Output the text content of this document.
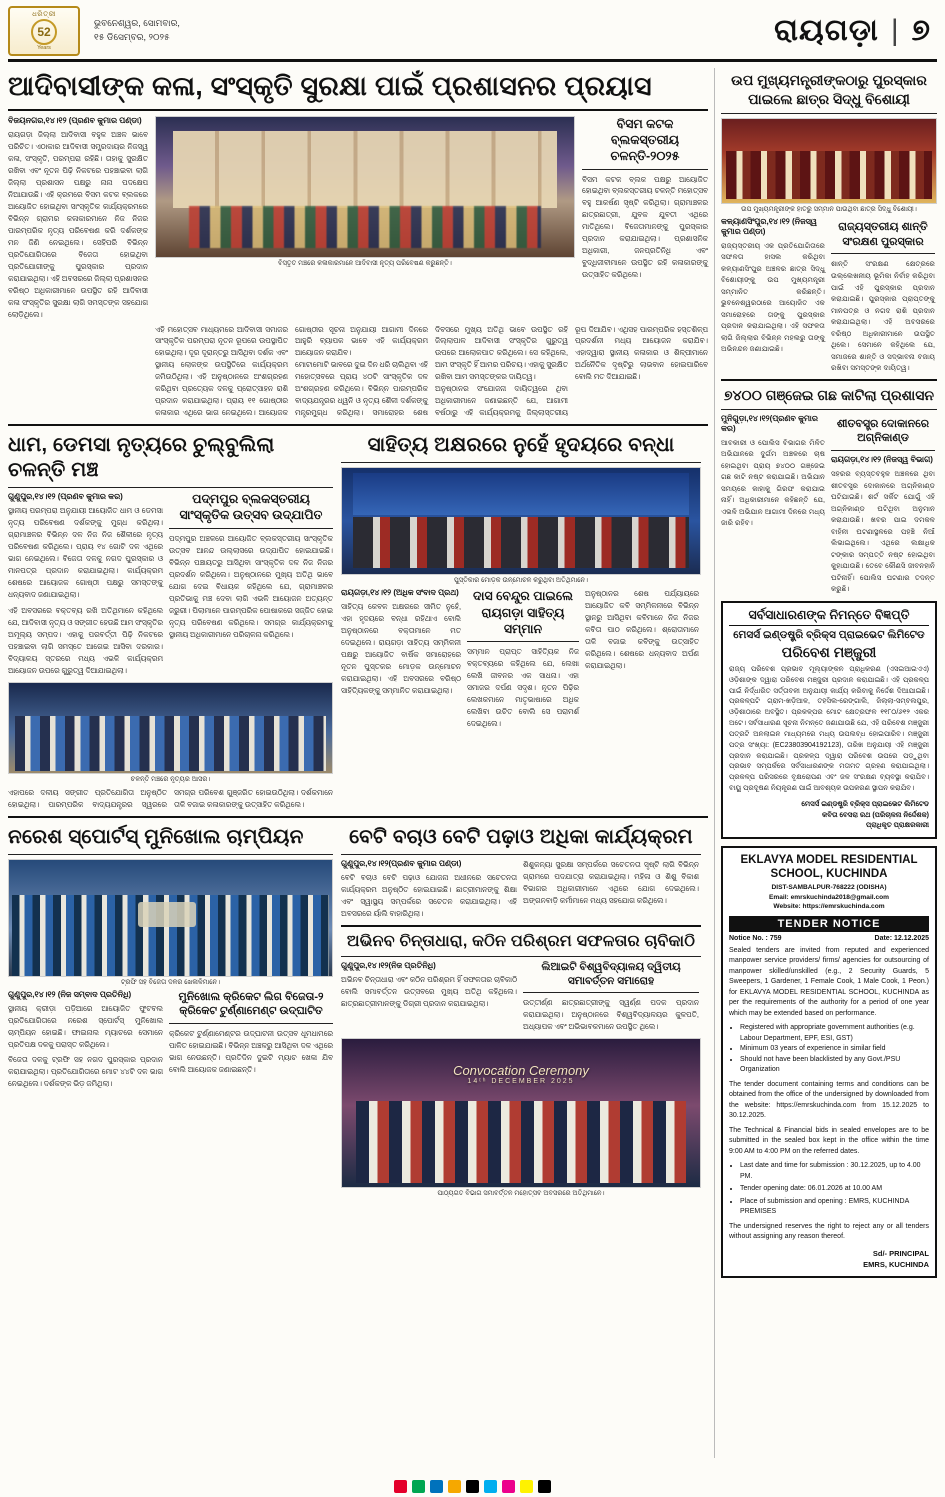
ଧରିତ୍ରୀ
52
Years
ଭୁବନେଶ୍ୱର, ସୋମବାର,
୧୫ ଡିସେମ୍ବର, ୨୦୨୫	ରାୟଗଡ଼ା | ୭
ଆଦିବାସୀଙ୍କ କଳା, ସଂସ୍କୃତି ସୁରକ୍ଷା ପାଇଁ ପ୍ରଶାସନର ପ୍ରୟାସ
ବିଜୟନଗର,୧୪।୧୨ (ପ୍ରଣବ କୁମାର ପଣ୍ଡା)
ରାୟଗଡ଼ା ଜିଲ୍ଲା ଆଦିବାସୀ ବହୁଳ ଅଞ୍ଚଳ ଭାବେ ପରିଚିତ। ଏଠାକାର ଆଦିବାସୀ ସମ୍ପ୍ରଦାୟର ନିଜସ୍ୱ କଳା, ସଂସ୍କୃତି, ପରମ୍ପରା ରହିଛି। ତାହାକୁ ସୁରକ୍ଷିତ ରଖିବା ଏବଂ ନୂତନ ପିଢ଼ି ନିକଟରେ ପହଞ୍ଚାଇବା ଲାଗି ଜିଲ୍ଲା ପ୍ରଶାସନ ପକ୍ଷରୁ ନାନା ପଦକ୍ଷେପ ନିଆଯାଉଛି। ଏହି କ୍ରମରେ ବିସମ କଟକ ବ୍ଲକରେ ଆୟୋଜିତ ହୋଇଥିବା ସାଂସ୍କୃତିକ କାର୍ଯ୍ୟକ୍ରମରେ ବିଭିନ୍ନ ଗ୍ରାମର କଳାକାରମାନେ ନିଜ ନିଜର ପାରମ୍ପରିକ ନୃତ୍ୟ ପରିବେଷଣ କରି ଦର୍ଶକଙ୍କ ମନ ଜିଣି ନେଇଥିଲେ। ସେହିପରି ବିଭିନ୍ନ ପ୍ରତିଯୋଗିତାରେ ବିଜେତା ହୋଇଥିବା ପ୍ରତିଯୋଗୀଙ୍କୁ ପୁରସ୍କାର ପ୍ରଦାନ କରାଯାଇଥିଲା। ଏହି ଅବସରରେ ଜିଲ୍ଲା ପ୍ରଶାସନର ବରିଷ୍ଠ ଅଧିକାରୀମାନେ ଉପସ୍ଥିତ ରହି ଆଦିବାସୀ କଳା ସଂସ୍କୃତିର ସୁରକ୍ଷା ଲାଗି ସମସ୍ତଙ୍କ ସହଯୋଗ ଲୋଡ଼ିଥିଲେ।
ବିସ୍ତୃତ ମଞ୍ଚରେ କଳାକାରମାନେ ଆଦିବାସୀ ନୃତ୍ୟ ପରିବେଷଣ କରୁଛନ୍ତି।
ବିସମ କଟକ ବ୍ଲକସ୍ତରୀୟ ଚଳନ୍ତି-୨୦୨୫
ବିସମ କଟକ ବ୍ଲକ ପକ୍ଷରୁ ଆୟୋଜିତ ହୋଇଥିବା ବ୍ଲକସ୍ତରୀୟ ଚଳନ୍ତି ମହୋତ୍ସବ ବହୁ ଆକର୍ଷଣ ସୃଷ୍ଟି କରିଥିଲା। ଗ୍ରାମାଞ୍ଚଳର ଛାତ୍ରଛାତ୍ରୀ, ଯୁବକ ଯୁବତୀ ଏଥିରେ ମାତିଥିଲେ। ବିଜେତାମାନଙ୍କୁ ପୁରସ୍କାର ପ୍ରଦାନ କରାଯାଇଥିଲା। ପ୍ରଶାସନିକ ଅଧିକାରୀ, ଜନପ୍ରତିନିଧି ଏବଂ ବୁଦ୍ଧିଜୀବୀମାନେ ଉପସ୍ଥିତ ରହି କଳାକାରଙ୍କୁ ଉତ୍ସାହିତ କରିଥିଲେ।
ଏହି ମହୋତ୍ସବ ମାଧ୍ୟମରେ ଆଦିବାସୀ ସମାଜର ସାଂସ୍କୃତିକ ପରମ୍ପରା ନୂତନ ରୂପରେ ଉପସ୍ଥାପିତ ହୋଇଥିଲା। ଦୂର ଦୂରାନ୍ତରୁ ଆସିଥିବା ଦର୍ଶକ ଏବଂ ସ୍ଥାନୀୟ ଲୋକଙ୍କ ଉପସ୍ଥିତିରେ କାର୍ଯ୍ୟକ୍ରମ ଜମିଉଠିଥିଲା। ଏହି ଅନୁଷ୍ଠାନରେ ଅଂଶଗ୍ରହଣ କରିଥିବା ପ୍ରତ୍ୟେକ ଦଳକୁ ପ୍ରୋତ୍ସାହନ ରାଶି ପ୍ରଦାନ କରାଯାଇଥିଲା। ପ୍ରାୟ ୧୧ ଗୋଷ୍ଠୀର କଳାକାର ଏଥିରେ ଭାଗ ନେଇଥିଲେ। ଆୟୋଜକ ଗୋଷ୍ଠୀର ସୂଚନା ଅନୁଯାୟୀ ଆଗାମୀ ଦିନରେ ଆହୁରି ବ୍ୟାପକ ଭାବେ ଏହି କାର୍ଯ୍ୟକ୍ରମ ଆୟୋଜନ କରାଯିବ।
ମୋଟାମୋଟି ଭାବରେ ଦୁଇ ଦିନ ଧରି ଚାଲିଥିବା ଏହି ମହୋତ୍ସବରେ ପ୍ରାୟ ୪୦ଟି ସାଂସ୍କୃତିକ ଦଳ ଅଂଶଗ୍ରହଣ କରିଥିଲେ। ବିଭିନ୍ନ ପାରମ୍ପରିକ ବାଦ୍ୟଯନ୍ତ୍ରର ଧ୍ୱନି ଓ ନୃତ୍ୟ ଶୈଳୀ ଦର୍ଶକଙ୍କୁ ମନ୍ତ୍ରମୁଗ୍ଧ କରିଥିଲା। ସମାରୋହର ଶେଷ ଦିବସରେ ମୁଖ୍ୟ ଅତିଥି ଭାବେ ଉପସ୍ଥିତ ରହି ଜିଲ୍ଲାପାଳ ଆଦିବାସୀ ସଂସ୍କୃତିର ଗୁରୁତ୍ୱ ଉପରେ ଆଲୋକପାତ କରିଥିଲେ। ସେ କହିଥିଲେ, ଆମ ସଂସ୍କୃତି ହିଁ ଆମର ପରିଚୟ। ଏହାକୁ ସୁରକ୍ଷିତ ରଖିବା ଆମ ସମସ୍ତଙ୍କର ଦାୟିତ୍ୱ।
ଅନୁଷ୍ଠାନର ସଂଯୋଜନା ଦାୟିତ୍ୱରେ ଥିବା ଅଧିକାରୀମାନେ ଜଣାଇଛନ୍ତି ଯେ, ଆଗାମୀ ବର୍ଷଠାରୁ ଏହି କାର୍ଯ୍ୟକ୍ରମକୁ ଜିଲ୍ଲାସ୍ତରୀୟ ରୂପ ଦିଆଯିବ। ଏଥିସହ ପାରମ୍ପରିକ ହସ୍ତଶିଳ୍ପ ପ୍ରଦର୍ଶନୀ ମଧ୍ୟ ଆୟୋଜନ କରାଯିବ। ଏହାଦ୍ୱାରା ସ୍ଥାନୀୟ କଳାକାର ଓ ଶିଳ୍ପୀମାନେ ଅର୍ଥନୈତିକ ଦୃଷ୍ଟିରୁ ଲାଭବାନ ହୋଇପାରିବେ ବୋଲି ମତ ଦିଆଯାଇଛି।
ଧାମ, ଡେମସା ନୃତ୍ୟରେ ଚୁଲ୍‌ବୁଲିଲା ଚଳନ୍ତି ମଞ୍ଚ
ଗୁଣୁପୁର,୧୪।୧୨ (ପ୍ରଣବ କୁମାର କର)
ସ୍ଥାନୀୟ ପରମ୍ପରା ଅନୁଯାୟୀ ଆୟୋଜିତ ଧାମ ଓ ଡେମସା ନୃତ୍ୟ ପରିବେଷଣ ଦର୍ଶକଙ୍କୁ ମୁଗ୍ଧ କରିଥିଲା। ଗ୍ରାମାଞ୍ଚଳର ବିଭିନ୍ନ ଦଳ ନିଜ ନିଜ ଶୈଳୀରେ ନୃତ୍ୟ ପରିବେଷଣ କରିଥିଲେ। ପ୍ରାୟ ୧୪ ଗୋଟି ଦଳ ଏଥିରେ ଭାଗ ନେଇଥିଲେ। ବିଜେତା ଦଳକୁ ନଗଦ ପୁରସ୍କାର ଓ ମାନପତ୍ର ପ୍ରଦାନ କରାଯାଇଥିଲା। କାର୍ଯ୍ୟକ୍ରମ ଶେଷରେ ଆୟୋଜକ ଗୋଷ୍ଠୀ ପକ୍ଷରୁ ସମସ୍ତଙ୍କୁ ଧନ୍ୟବାଦ ଜଣାଯାଇଥିଲା।
ଏହି ଅବସରରେ ବକ୍ତବ୍ୟ ରଖି ଅତିଥିମାନେ କହିଥିଲେ ଯେ, ଆଦିବାସୀ ନୃତ୍ୟ ଓ ସଙ୍ଗୀତ ହେଉଛି ଆମ ସଂସ୍କୃତିର ଅମୂଲ୍ୟ ସମ୍ପଦ। ଏହାକୁ ପରବର୍ତ୍ତୀ ପିଢ଼ି ନିକଟରେ ପହଞ୍ଚାଇବା ଲାଗି ସମସ୍ତେ ଆଗେଇ ଆସିବା ଦରକାର। ବିଦ୍ୟାଳୟ ସ୍ତରରେ ମଧ୍ୟ ଏଭଳି କାର୍ଯ୍ୟକ୍ରମ ଆୟୋଜନ ଉପରେ ଗୁରୁତ୍ୱ ଦିଆଯାଇଥିଲା।
ପଦ୍ମପୁର ବ୍ଲକସ୍ତରୀୟ ସାଂସ୍କୃତିକ ଉତ୍ସବ ଉଦ୍‌ଯାପିତ
ପଦ୍ମପୁର ଅଞ୍ଚଳରେ ଆୟୋଜିତ ବ୍ଲକସ୍ତରୀୟ ସାଂସ୍କୃତିକ ଉତ୍ସବ ଆନନ୍ଦ ଉଲ୍ଲାସରେ ଉଦ୍‌ଯାପିତ ହୋଇଯାଇଛି। ବିଭିନ୍ନ ପଞ୍ଚାୟତରୁ ଆସିଥିବା ସାଂସ୍କୃତିକ ଦଳ ନିଜ ନିଜର ପ୍ରଦର୍ଶନ କରିଥିଲେ। ଅନୁଷ୍ଠାନରେ ମୁଖ୍ୟ ଅତିଥି ଭାବେ ଯୋଗ ଦେଇ ବିଧାୟକ କହିଥିଲେ ଯେ, ଗ୍ରାମାଞ୍ଚଳର ପ୍ରତିଭାକୁ ମଞ୍ଚ ଦେବା ଲାଗି ଏଭଳି ଆୟୋଜନ ଅତ୍ୟନ୍ତ ଜରୁରୀ। ପିଲାମାନେ ପାରମ୍ପରିକ ପୋଷାକରେ ସଜ୍ଜିତ ହୋଇ ନୃତ୍ୟ ପରିବେଷଣ କରିଥିଲେ। ସମଗ୍ର କାର୍ଯ୍ୟକ୍ରମକୁ ସ୍ଥାନୀୟ ଅଧିକାରୀମାନେ ପରିଚାଳନା କରିଥିଲେ।
ଚଳନ୍ତି ମଞ୍ଚରେ ନୃତ୍ୟର ଆସର।
ଏହାପରେ ଦଳୀୟ ସଙ୍ଗୀତ ପ୍ରତିଯୋଗିତା ଅନୁଷ୍ଠିତ ହୋଇଥିଲା। ପାରମ୍ପରିକ ବାଦ୍ୟଯନ୍ତ୍ରର ସ୍ୱରରେ ସମଗ୍ର ପରିବେଶ ଗୁଞ୍ଜରିତ ହୋଇଉଠିଥିଲା। ଦର୍ଶକମାନେ ତାଳି ବଜାଇ କଳାକାରଙ୍କୁ ଉତ୍ସାହିତ କରିଥିଲେ।
ସାହିତ୍ୟ ଅକ୍ଷରରେ ନୁହେଁ ହୃଦୟରେ ବନ୍ଧା
ପୁସ୍ତିକାର ମୋଡ଼କ ଉନ୍ମୋଚନ କରୁଥିବା ଅତିଥିମାନେ।
ରାୟଗଡ଼ା,୧୪।୧୨ (ଅଧିକ ସଂବାଦ ପ୍ରଥ)
ସାହିତ୍ୟ କେବଳ ଅକ୍ଷରରେ ସୀମିତ ନୁହେଁ, ଏହା ହୃଦୟରେ ବନ୍ଧା ରହିଥାଏ ବୋଲି ଅନୁଷ୍ଠାନରେ ବକ୍ତାମାନେ ମତ ଦେଇଥିଲେ। ରାୟଗଡ଼ା ସାହିତ୍ୟ ସମ୍ମିଳନୀ ପକ୍ଷରୁ ଆୟୋଜିତ ବାର୍ଷିକ ସମାରୋହରେ ନୂତନ ପୁସ୍ତକର ମୋଡ଼କ ଉନ୍ମୋଚନ କରାଯାଇଥିଲା। ଏହି ଅବସରରେ ବରିଷ୍ଠ ସାହିତ୍ୟିକଙ୍କୁ ସମ୍ମାନିତ କରାଯାଇଥିଲା।
ଦାସ ବେନ୍ଦୁର ପାଇଲେ ରାୟଗଡ଼ା ସାହିତ୍ୟ ସମ୍ମାନ
ସମ୍ମାନ ପ୍ରାପ୍ତ ସାହିତ୍ୟିକ ନିଜ ବକ୍ତବ୍ୟରେ କହିଥିଲେ ଯେ, ଲେଖା ଲେଖି ଜୀବନର ଏକ ସାଧନା। ଏହା ସମାଜର ଦର୍ପଣ ସଦୃଶ। ନୂତନ ପିଢ଼ିର ଲେଖକମାନେ ମାତୃଭାଷାରେ ଅଧିକ ଲେଖିବା ଉଚିତ ବୋଲି ସେ ପରାମର୍ଶ ଦେଇଥିଲେ।
ଅନୁଷ୍ଠାନର ଶେଷ ପର୍ଯ୍ୟାୟରେ ଆୟୋଜିତ କବି ସମ୍ମିଳନୀରେ ବିଭିନ୍ନ ସ୍ଥାନରୁ ଆସିଥିବା କବିମାନେ ନିଜ ନିଜର କବିତା ପାଠ କରିଥିଲେ। ଶ୍ରୋତାମାନେ ତାଳି ବଜାଇ କବିଙ୍କୁ ଉତ୍ସାହିତ କରିଥିଲେ। ଶେଷରେ ଧନ୍ୟବାଦ ଅର୍ପଣ କରାଯାଇଥିଲା।
ନରେଶ ସ୍ପୋର୍ଟସ୍‌ ମୁନିଖୋଲ ଚାମ୍ପିୟନ
ଟ୍ରଫି ସହ ବିଜେତା ଦଳର ଖେଳାଳିମାନେ।
ଗୁଣୁପୁର,୧୪।୧୨ (ନିଜ ସମ୍ବାଦ ପ୍ରତିନିଧି)
ସ୍ଥାନୀୟ କ୍ରୀଡ଼ା ପଡ଼ିଆରେ ଆୟୋଜିତ ଫୁଟବଲ ପ୍ରତିଯୋଗିତାରେ ନରେଶ ସ୍ପୋର୍ଟସ୍‌ ମୁନିଖୋଲ ଚାମ୍ପିୟନ ହୋଇଛି। ଫାଇନାଲ ମ୍ୟାଚରେ ସେମାନେ ପ୍ରତିପକ୍ଷ ଦଳକୁ ପରାସ୍ତ କରିଥିଲେ।
ବିଜେତା ଦଳକୁ ଟ୍ରଫି ସହ ନଗଦ ପୁରସ୍କାର ପ୍ରଦାନ କରାଯାଇଥିଲା। ପ୍ରତିଯୋଗିତାରେ ମୋଟ ୪୪ଟି ଦଳ ଭାଗ ନେଇଥିଲେ। ଦର୍ଶକଙ୍କ ଭିଡ଼ ଜମିଥିଲା।
ମୁନିଖୋଲ କ୍ରିକେଟ ଲିଗ ବିଜେତା-୨ କ୍ରିକେଟ ଟୁର୍ଣ୍ଣାମେଣ୍ଟ ଉଦ୍‌ଘାଟିତ
କ୍ରିକେଟ ଟୁର୍ଣ୍ଣାମେଣ୍ଟର ଉଦ୍‌ଘାଟନୀ ଉତ୍ସବ ଧୂମଧାମରେ ପାଳିତ ହୋଇଯାଇଛି। ବିଭିନ୍ନ ଅଞ୍ଚଳରୁ ଆସିଥିବା ଦଳ ଏଥିରେ ଭାଗ ନେଉଛନ୍ତି। ପ୍ରତିଦିନ ଦୁଇଟି ମ୍ୟାଚ ଖେଳା ଯିବ ବୋଲି ଆୟୋଜକ ଜଣାଇଛନ୍ତି।
ବେଟି ବଚାଓ ବେଟି ପଢ଼ାଓ ଅଧିକା କାର୍ଯ୍ୟକ୍ରମ
ଗୁଣୁପୁର,୧୪।୧୨(ପ୍ରଣବ କୁମାର ପଣ୍ଡା)
ବେଟି ବଚାଓ ବେଟି ପଢ଼ାଓ ଯୋଜନା ଅଧୀନରେ ସଚେତନତା କାର୍ଯ୍ୟକ୍ରମ ଅନୁଷ୍ଠିତ ହୋଇଯାଇଛି। ଛାତ୍ରୀମାନଙ୍କୁ ଶିକ୍ଷା ଏବଂ ସ୍ୱାସ୍ଥ୍ୟ ସମ୍ପର୍କରେ ସଚେତନ କରାଯାଇଥିଲା। ଏହି ଅବସରରେ ର୍ୟାଲି ବାହାରିଥିଲା।
ଶିଶୁକନ୍ୟା ସୁରକ୍ଷା ସମ୍ପର୍କରେ ସଚେତନତା ସୃଷ୍ଟି ଲାଗି ବିଭିନ୍ନ ଗ୍ରାମରେ ପଦଯାତ୍ରା କରାଯାଇଥିଲା। ମହିଳା ଓ ଶିଶୁ ବିକାଶ ବିଭାଗର ଅଧିକାରୀମାନେ ଏଥିରେ ଯୋଗ ଦେଇଥିଲେ। ଅଙ୍ଗନବାଡ଼ି କର୍ମୀମାନେ ମଧ୍ୟ ସହଯୋଗ କରିଥିଲେ।
ଅଭିନବ ଚିନ୍ତାଧାରା, କଠିନ ପରିଶ୍ରମ ସଫଳତାର ଚାବିକାଠି
ଗୁଣୁପୁର,୧୪।୧୨(ନିଜ ପ୍ରତିନିଧି)
ଅଭିନବ ଚିନ୍ତାଧାରା ଏବଂ କଠିନ ପରିଶ୍ରମ ହିଁ ସଫଳତାର ଚାବିକାଠି ବୋଲି ସମାବର୍ତ୍ତନ ଉତ୍ସବରେ ମୁଖ୍ୟ ଅତିଥି କହିଥିଲେ। ଛାତ୍ରଛାତ୍ରୀମାନଙ୍କୁ ଡିଗ୍ରୀ ପ୍ରଦାନ କରାଯାଇଥିଲା।
ଲିଆଇଟି ବିଶ୍ୱବିଦ୍ୟାଳୟ ଦ୍ୱିତୀୟ ସମାବର୍ତ୍ତନ ସମାରୋହ
ଉତ୍ତୀର୍ଣ୍ଣ ଛାତ୍ରଛାତ୍ରୀଙ୍କୁ ସ୍ୱର୍ଣ୍ଣ ପଦକ ପ୍ରଦାନ କରାଯାଇଥିଲା। ଅନୁଷ୍ଠାନରେ ବିଶ୍ୱବିଦ୍ୟାଳୟର କୁଳପତି, ଅଧ୍ୟାପକ ଏବଂ ଅଭିଭାବକମାନେ ଉପସ୍ଥିତ ଥିଲେ।
Convocation Ceremony
14ᵗʰ DECEMBER 2025
ପାଠ୍ୟଗତ ବିଭାଗ ସମାବର୍ତ୍ତନ ମହୋତ୍ସବ ଅବସରରେ ଅତିଥିମାନେ।
ଉପ ମୁଖ୍ୟମନ୍ତ୍ରୀଙ୍କଠାରୁ ପୁରସ୍କାର ପାଇଲେ ଛାତ୍ର ସିଦ୍ଧୁ ବିଶୋୟୀ
ଉପ ମୁଖ୍ୟମନ୍ତ୍ରୀଙ୍କ ହାତରୁ ସମ୍ମାନ ପାଉଥିବା ଛାତ୍ର ସିଦ୍ଧୁ ବିଶୋୟୀ।
କଳ୍ୟାଣସିଂପୁର,୧୪।୧୨ (ନିଜସ୍ୱ କୁମାର ପଣ୍ଡା)
ରାଜ୍ୟସ୍ତରୀୟ ଏକ ପ୍ରତିଯୋଗିତାରେ ସଫଳତା ହାସଲ କରିଥିବା କଳ୍ୟାଣସିଂପୁର ଅଞ୍ଚଳର ଛାତ୍ର ସିଦ୍ଧୁ ବିଶୋୟୀଙ୍କୁ ଉପ ମୁଖ୍ୟମନ୍ତ୍ରୀ ସମ୍ମାନିତ କରିଛନ୍ତି। ଭୁବନେଶ୍ୱରଠାରେ ଆୟୋଜିତ ଏକ ସମାରୋହରେ ତାଙ୍କୁ ପୁରସ୍କାର ପ୍ରଦାନ କରାଯାଇଥିଲା। ଏହି ସଫଳତା ଲାଗି ଜିଲ୍ଲାର ବିଭିନ୍ନ ମହଲରୁ ତାଙ୍କୁ ଅଭିନନ୍ଦନ ଜଣାଯାଇଛି।
ରାଜ୍ୟସ୍ତରୀୟ ଶାନ୍ତି ସଂରକ୍ଷଣ ପୁରସ୍କାର
ଶାନ୍ତି ସଂରକ୍ଷଣ କ୍ଷେତ୍ରରେ ଉଲ୍ଲେଖନୀୟ ଭୂମିକା ନିର୍ବାହ କରିଥିବା ପାଇଁ ଏହି ପୁରସ୍କାର ପ୍ରଦାନ କରାଯାଇଛି। ପୁରସ୍କାର ପ୍ରାପ୍ତଙ୍କୁ ମାନପତ୍ର ଓ ନଗଦ ରାଶି ପ୍ରଦାନ କରାଯାଇଥିଲା। ଏହି ଅବସରରେ ବରିଷ୍ଠ ଅଧିକାରୀମାନେ ଉପସ୍ଥିତ ଥିଲେ। ସେମାନେ କହିଥିଲେ ଯେ, ସମାଜରେ ଶାନ୍ତି ଓ ସଦ୍ଭାବନା ବଜାୟ ରଖିବା ସମସ୍ତଙ୍କ ଦାୟିତ୍ୱ।
୭୪୦୦ ଗଞ୍ଜେଇ ଗଛ କାଟିଲା ପ୍ରଶାସନ
ମୁନିଗୁଡ଼ା,୧୪।୧୨(ପ୍ରଣବ କୁମାର କର)
ଆବକାରୀ ଓ ପୋଲିସ ବିଭାଗର ମିଳିତ ଅଭିଯାନରେ ଦୁର୍ଗମ ଅଞ୍ଚଳରେ ଚାଷ ହୋଇଥିବା ପ୍ରାୟ ୭୪୦୦ ଗଞ୍ଜେଇ ଗଛ କାଟି ନଷ୍ଟ କରାଯାଇଛି। ଅଭିଯାନ ସମୟରେ କାହାକୁ ଗିରଫ କରାଯାଇ ନାହିଁ। ଅଧିକାରୀମାନେ କହିଛନ୍ତି ଯେ, ଏଭଳି ଅଭିଯାନ ଆଗାମୀ ଦିନରେ ମଧ୍ୟ ଜାରି ରହିବ।
ଶୀତବସ୍ତ୍ର ଦୋକାନରେ ଅଗ୍ନିକାଣ୍ଡ
ରାୟଗଡ଼ା,୧୪।୧୨ (ନିଜସ୍ୱ ବିଭାଗ)
ସହରର ବ୍ୟସ୍ତବହୁଳ ଅଞ୍ଚଳରେ ଥିବା ଶୀତବସ୍ତ୍ର ଦୋକାନରେ ଅଗ୍ନିକାଣ୍ଡ ଘଟିଯାଇଛି। ଶର୍ଟ ସର୍କିଟ ଯୋଗୁଁ ଏହି ଅଗ୍ନିକାଣ୍ଡ ଘଟିଥିବା ଅନୁମାନ କରାଯାଉଛି। ଖବର ପାଇ ଦମକଳ ବାହିନୀ ଘଟଣାସ୍ଥଳରେ ପହଞ୍ଚି ନିଆଁ ଲିଭାଇଥିଲେ। ଏଥିରେ ଲକ୍ଷାଧିକ ଟଙ୍କାର ସମ୍ପତ୍ତି ନଷ୍ଟ ହୋଇଥିବା କୁହାଯାଉଛି। ତେବେ କୌଣସି ଜୀବନହାନି ଘଟିନାହିଁ। ପୋଲିସ ଘଟଣାର ତଦନ୍ତ କରୁଛି।
ସର୍ବସାଧାରଣଙ୍କ ନିମନ୍ତେ ବିଜ୍ଞପ୍ତି
ମେସର୍ସ ଇଣ୍ଡଷ୍ଟ୍ରି ବ୍ରିକ୍ସ ପ୍ରାଇଭେଟ ଲିମିଟେଡ
ପରିବେଶ ମଞ୍ଜୁରୀ
ରାଜ୍ୟ ପରିବେଶ ପ୍ରଭାବ ମୂଲ୍ୟାଙ୍କନ ପ୍ରାଧିକରଣ (ଏସଇଆଇଏଏ) ଓଡ଼ିଶାଙ୍କ ଦ୍ୱାରା ପରିବେଶ ମଞ୍ଜୁରୀ ପ୍ରଦାନ କରାଯାଇଛି। ଏହି ପ୍ରକଳ୍ପ ପାଇଁ ନିର୍ଦ୍ଧାରିତ ସର୍ତ୍ତାବଳୀ ଅନୁଯାୟୀ କାର୍ଯ୍ୟ କରିବାକୁ ନିର୍ଦ୍ଦେଶ ଦିଆଯାଇଛି। ପ୍ରକଳ୍ପଟି ଗ୍ରାମ-ଖଡ଼ିଆଳ, ତହସିଲ-ରେଙ୍ଗାଲି, ଜିଲ୍ଲା-ସମ୍ବଲପୁର, ଓଡ଼ିଶାଠାରେ ଅବସ୍ଥିତ। ପ୍ରକଳ୍ପର ମୋଟ କ୍ଷେତ୍ରଫଳ ୧୧୮୦/୬୧୨ ଏକର ଅଟେ। ସର୍ବସାଧାରଣ ସୂଚନା ନିମନ୍ତେ ଜଣାଯାଉଛି ଯେ, ଏହି ପରିବେଶ ମଞ୍ଜୁରୀ ପତ୍ରଟି ଅନଲାଇନ ମାଧ୍ୟମରେ ମଧ୍ୟ ଉପଲବ୍ଧ ହୋଇପାରିବ। ମଞ୍ଜୁରୀ ପତ୍ର ସଂଖ୍ୟା: (EC23803904192123), ତାରିଖ ଅନୁଯାୟୀ ଏହି ମଞ୍ଜୁରୀ ପ୍ରଦାନ କରାଯାଇଛି। ପ୍ରକଳ୍ପ ଦ୍ୱାରା ପରିବେଶ ଉପରେ ପଡ଼ୁଥିବା ପ୍ରଭାବ ସମ୍ପର୍କରେ ସର୍ବସାଧାରଣଙ୍କ ମତାମତ ଗ୍ରହଣ କରାଯାଇଥିଲା। ପ୍ରକଳ୍ପ ପରିସରରେ ବୃକ୍ଷରୋପଣ ଏବଂ ଜଳ ସଂରକ୍ଷଣ ବ୍ୟବସ୍ଥା କରାଯିବ। ବାୟୁ ପ୍ରଦୂଷଣ ନିୟନ୍ତ୍ରଣ ପାଇଁ ଆବଶ୍ୟକ ଉପକରଣ ସ୍ଥାପନ କରାଯିବ।
ମେସର୍ସ ଇଣ୍ଡଷ୍ଟ୍ରି ବ୍ରିକ୍ସ ପ୍ରାଇଭେଟ ଲିମିଟେଡ
କବିତା ବେସରା ରଥ (ପରିଚାଳନା ନିର୍ଦ୍ଦେଶକ)
ପ୍ରାଧିକୃତ ପ୍ରାକ୍ଷରକାରୀ
EKLAVYA MODEL RESIDENTIAL SCHOOL, KUCHINDA
DIST-SAMBALPUR-768222 (ODISHA)
Email: emrskuchinda2018@gmail.com
Website: https://emrskuchinda.com
TENDER NOTICE
Notice No. : 759	Date: 12.12.2025
Sealed tenders are invited from reputed and experienced manpower service providers/ firms/ agencies for outsourcing of manpower skilled/unskilled (e.g., 2 Security Guards, 5 Sweepers, 1 Gardener, 1 Female Cook, 1 Male Cook, 1 Peon.) for EKLAVYA MODEL RESIDENTIAL SCHOOL, KUCHINDA as per the requirements of the authority for a period of one year which may be extended based on performance.
• Registered with appropriate government authorities (e.g. Labour Department, EPF, ESI, GST)
• Minimum 03 years of experience in similar field
• Should not have been blacklisted by any Govt./PSU Organization
The tender document containing terms and conditions can be obtained from the office of the undersigned by downloaded from the website: https://emrskuchinda.com from 15.12.2025 to 30.12.2025.
The Technical & Financial bids in sealed envelopes are to be submitted in the sealed box kept in the office within the time 9:00 AM to 4:00 PM on the referred dates.
• Last date and time for submission : 30.12.2025, up to 4.00 PM.
• Tender opening date: 06.01.2026 at 10.00 AM
• Place of submission and opening : EMRS, KUCHINDA PREMISES
The undersigned reserves the right to reject any or all tenders without assigning any reason thereof.
Sd/- PRINCIPAL
EMRS, KUCHINDA
